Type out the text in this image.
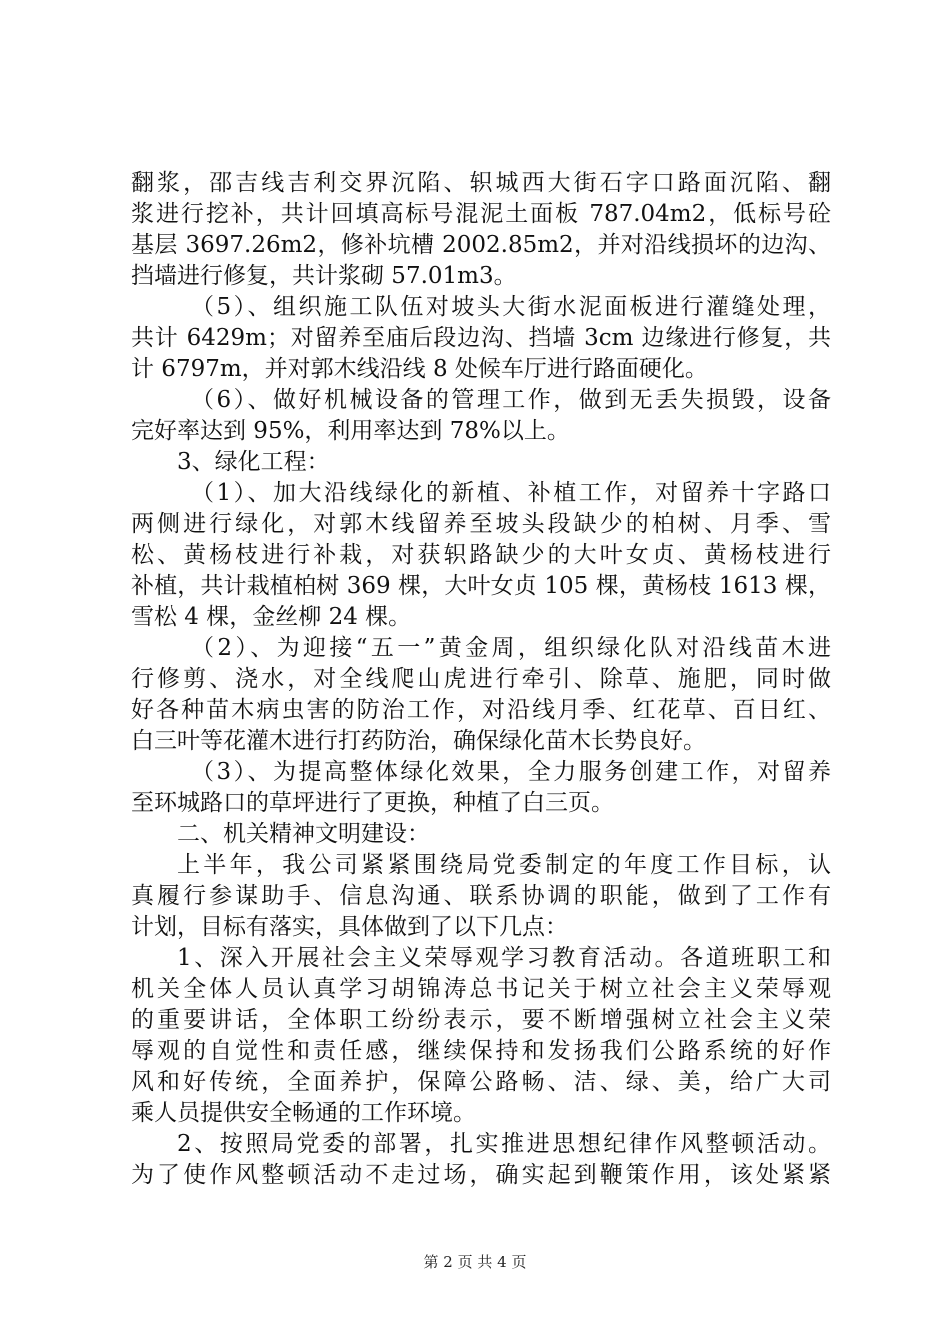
翻浆，邵吉线吉利交界沉陷、轵城西大街石字口路面沉陷、翻
浆进行挖补，共计回填高标号混泥土面板 787.04m2，低标号砼
基层 3697.26m2，修补坑槽 2002.85m2，并对沿线损坏的边沟、
挡墙进行修复，共计浆砌 57.01m3。
（5）、组织施工队伍对坡头大街水泥面板进行灌缝处理，
共计 6429m；对留养至庙后段边沟、挡墙 3cm 边缘进行修复，共
计 6797m，并对郭木线沿线 8 处候车厅进行路面硬化。
（6）、做好机械设备的管理工作，做到无丢失损毁，设备
完好率达到 95%，利用率达到 78%以上。
3、绿化工程：
（1）、加大沿线绿化的新植、补植工作，对留养十字路口
两侧进行绿化，对郭木线留养至坡头段缺少的柏树、月季、雪
松、黄杨枝进行补栽，对获轵路缺少的大叶女贞、黄杨枝进行
补植，共计栽植柏树 369 棵，大叶女贞 105 棵，黄杨枝 1613 棵，
雪松 4 棵，金丝柳 24 棵。
（2）、为迎接“五一”黄金周，组织绿化队对沿线苗木进
行修剪、浇水，对全线爬山虎进行牵引、除草、施肥，同时做
好各种苗木病虫害的防治工作，对沿线月季、红花草、百日红、
白三叶等花灌木进行打药防治，确保绿化苗木长势良好。
（3）、为提高整体绿化效果，全力服务创建工作，对留养
至环城路口的草坪进行了更换，种植了白三页。
二、机关精神文明建设：
上半年，我公司紧紧围绕局党委制定的年度工作目标，认
真履行参谋助手、信息沟通、联系协调的职能，做到了工作有
计划，目标有落实，具体做到了以下几点：
1、深入开展社会主义荣辱观学习教育活动。各道班职工和
机关全体人员认真学习胡锦涛总书记关于树立社会主义荣辱观
的重要讲话，全体职工纷纷表示，要不断增强树立社会主义荣
辱观的自觉性和责任感，继续保持和发扬我们公路系统的好作
风和好传统，全面养护，保障公路畅、洁、绿、美，给广大司
乘人员提供安全畅通的工作环境。
2、按照局党委的部署，扎实推进思想纪律作风整顿活动。
为了使作风整顿活动不走过场，确实起到鞭策作用，该处紧紧
第 2 页 共 4 页
